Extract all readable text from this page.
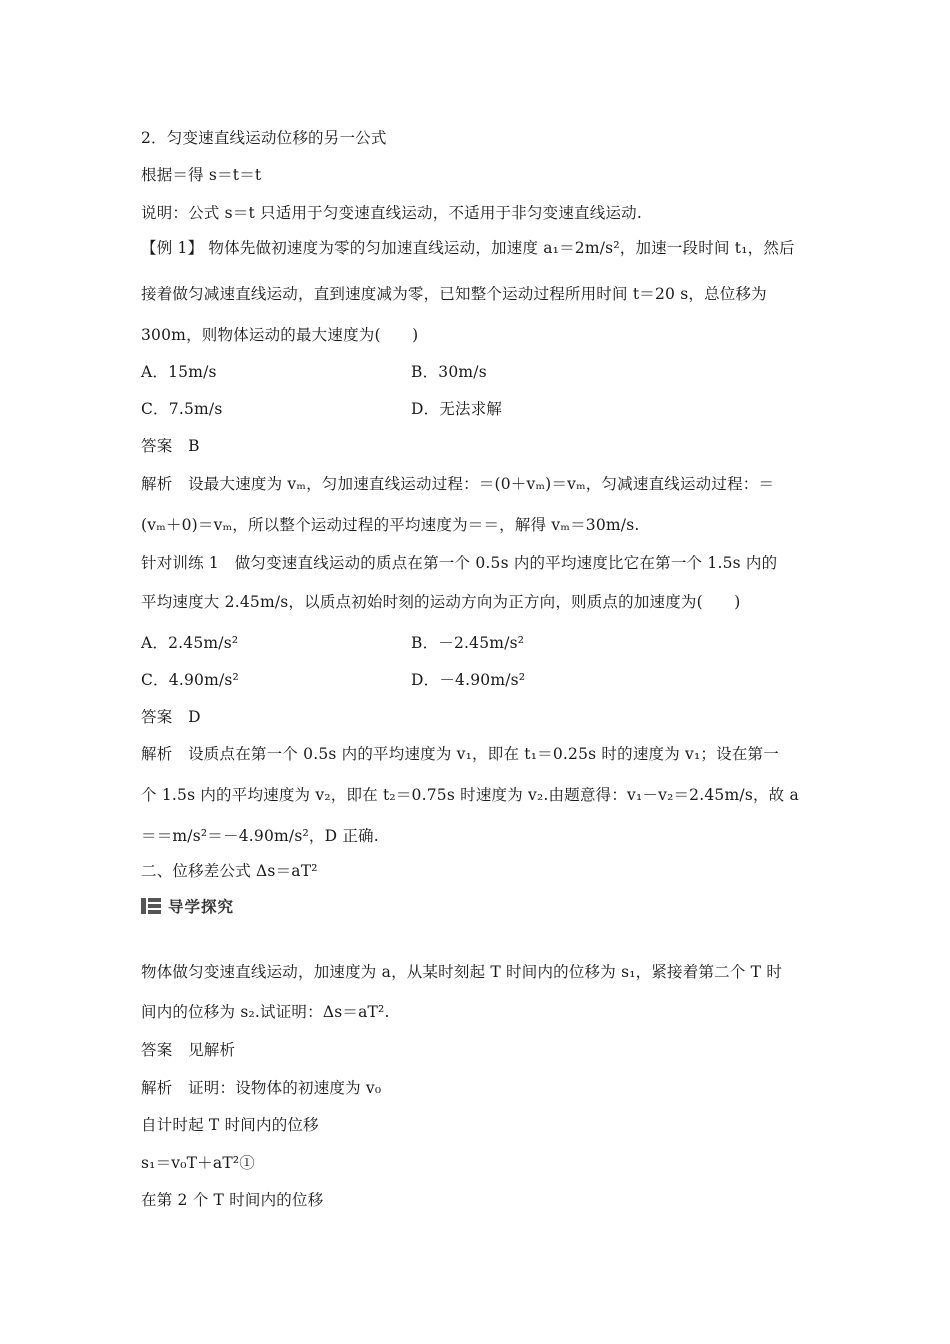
2．匀变速直线运动位移的另一公式
根据＝得 s＝t＝t
说明：公式 s＝t 只适用于匀变速直线运动，不适用于非匀变速直线运动.
【例 1】 物体先做初速度为零的匀加速直线运动，加速度 a₁＝2m/s²，加速一段时间 t₁，然后
接着做匀减速直线运动，直到速度减为零，已知整个运动过程所用时间 t＝20 s，总位移为
300m，则物体运动的最大速度为(　　)
A．15m/s	B．30m/s
C．7.5m/s	D．无法求解
答案　B
解析　设最大速度为 vₘ，匀加速直线运动过程：＝(0＋vₘ)＝vₘ，匀减速直线运动过程：＝
(vₘ＋0)＝vₘ，所以整个运动过程的平均速度为＝＝，解得 vₘ＝30m/s.
针对训练 1　做匀变速直线运动的质点在第一个 0.5s 内的平均速度比它在第一个 1.5s 内的
平均速度大 2.45m/s，以质点初始时刻的运动方向为正方向，则质点的加速度为(　　)
A．2.45m/s²	B．－2.45m/s²
C．4.90m/s²	D．－4.90m/s²
答案　D
解析　设质点在第一个 0.5s 内的平均速度为 v₁，即在 t₁＝0.25s 时的速度为 v₁；设在第一
个 1.5s 内的平均速度为 v₂，即在 t₂＝0.75s 时速度为 v₂.由题意得：v₁－v₂＝2.45m/s，故 a
＝＝m/s²＝－4.90m/s²，D 正确.
二、位移差公式 Δs＝aT²
导学探究
物体做匀变速直线运动，加速度为 a，从某时刻起 T 时间内的位移为 s₁，紧接着第二个 T 时
间内的位移为 s₂.试证明：Δs＝aT².
答案　见解析
解析　证明：设物体的初速度为 v₀
自计时起 T 时间内的位移
s₁＝v₀T＋aT²①
在第 2 个 T 时间内的位移
